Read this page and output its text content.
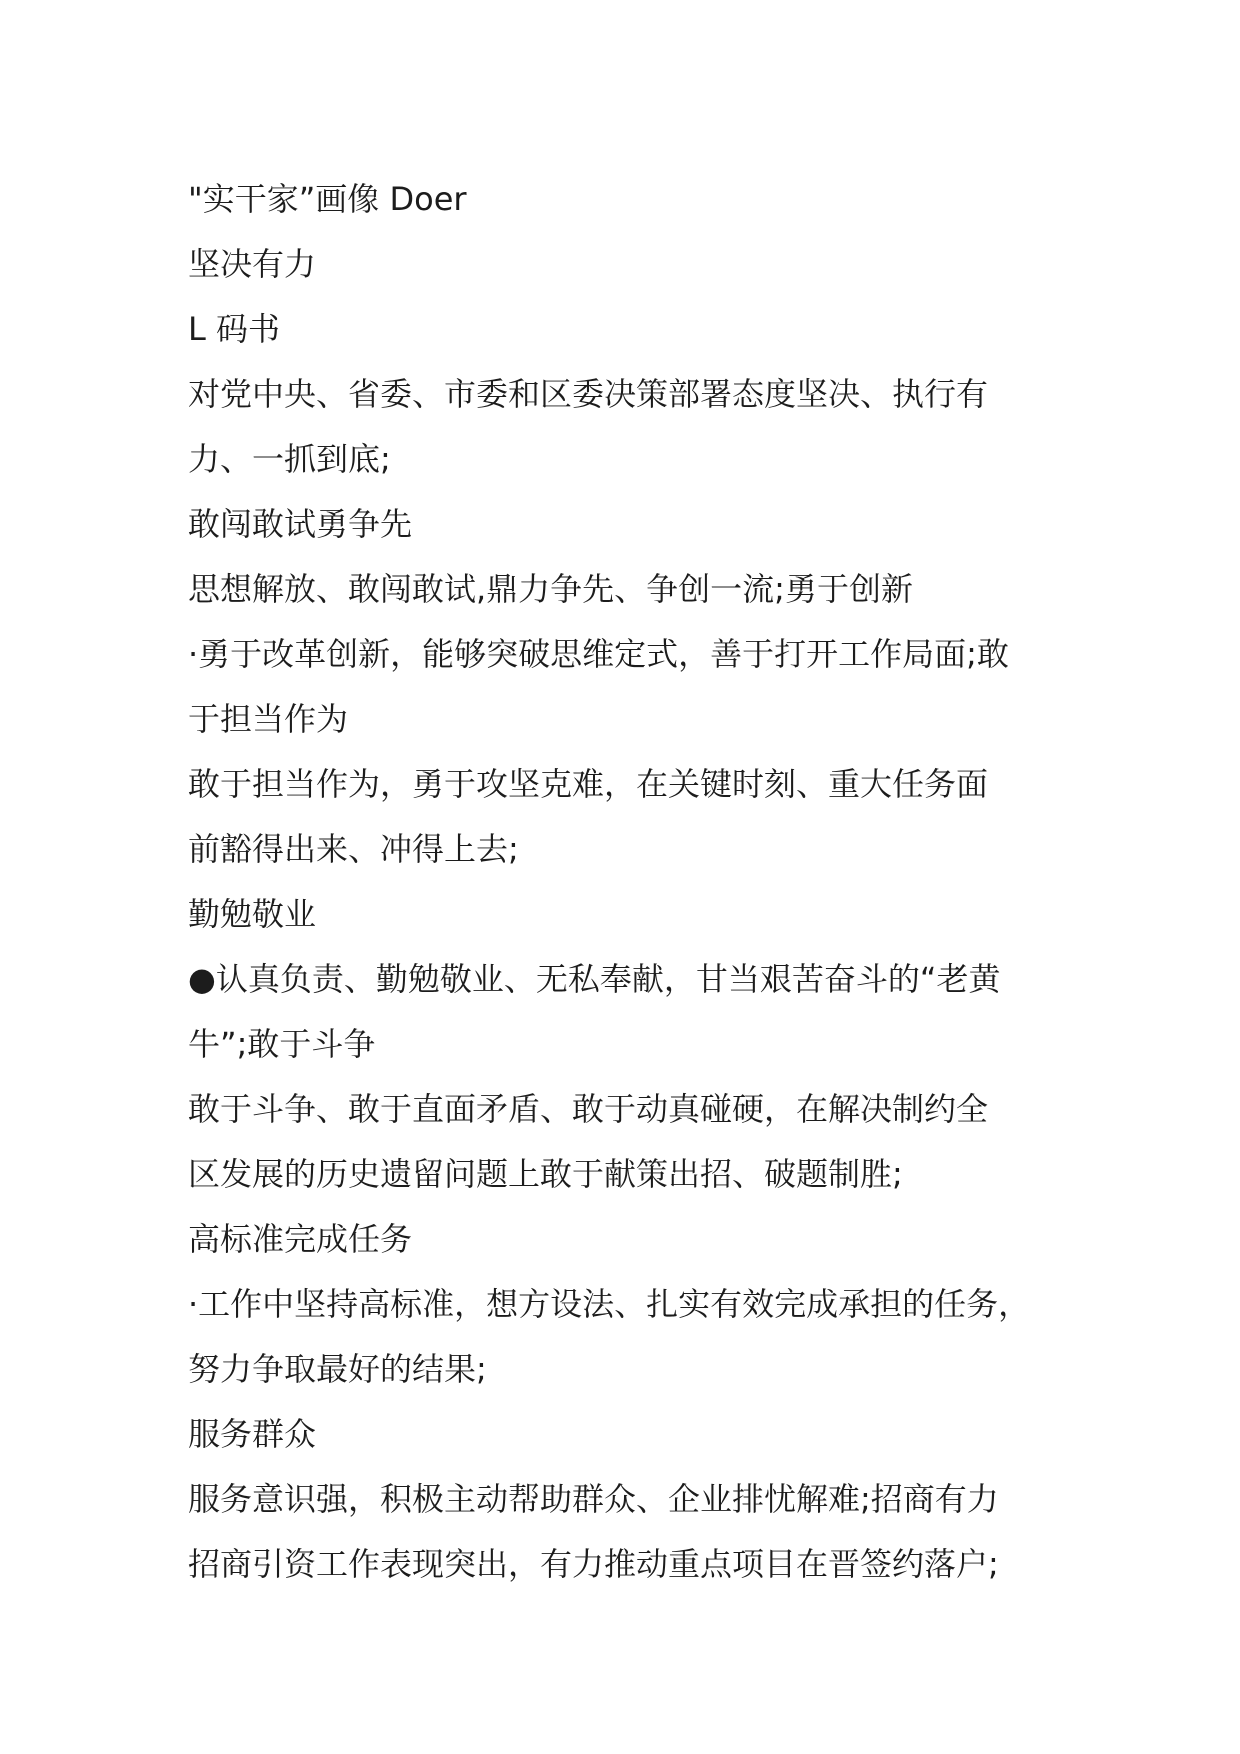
"实干家”画像 Doer
坚决有力
L 码书
对党中央、省委、市委和区委决策部署态度坚决、执行有
力、一抓到底;
敢闯敢试勇争先
思想解放、敢闯敢试,鼎力争先、争创一流;勇于创新
·勇于改革创新，能够突破思维定式，善于打开工作局面;敢
于担当作为
敢于担当作为，勇于攻坚克难，在关键时刻、重大任务面
前豁得出来、冲得上去;
勤勉敬业
●认真负责、勤勉敬业、无私奉献，甘当艰苦奋斗的“老黄
牛”;敢于斗争
敢于斗争、敢于直面矛盾、敢于动真碰硬，在解决制约全
区发展的历史遗留问题上敢于献策出招、破题制胜;
高标准完成任务
·工作中坚持高标准，想方设法、扎实有效完成承担的任务，
努力争取最好的结果;
服务群众
服务意识强，积极主动帮助群众、企业排忧解难;招商有力
招商引资工作表现突出，有力推动重点项目在晋签约落户;
